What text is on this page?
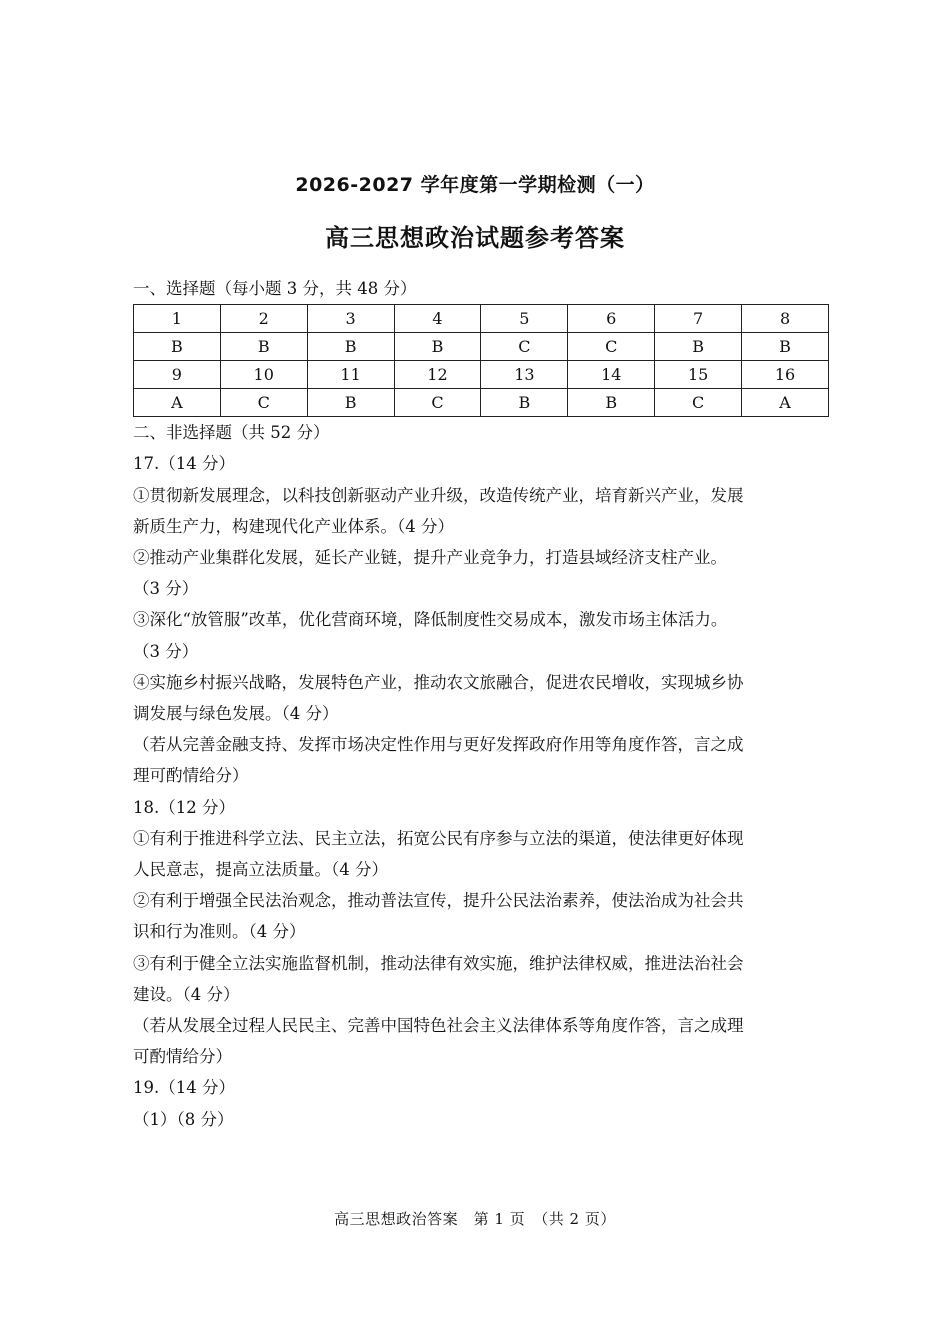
2026-2027 学年度第一学期检测（一）
高三思想政治试题参考答案
一、选择题（每小题 3 分，共 48 分）
1	2	3	4	5	6	7	8
B	B	B	B	C	C	B	B
9	10	11	12	13	14	15	16
A	C	B	C	B	B	C	A
二、非选择题（共 52 分）
17.（14 分）
①贯彻新发展理念，以科技创新驱动产业升级，改造传统产业，培育新兴产业，发展
新质生产力，构建现代化产业体系。（4 分）
②推动产业集群化发展，延长产业链，提升产业竞争力，打造县域经济支柱产业。
（3 分）
③深化“放管服”改革，优化营商环境，降低制度性交易成本，激发市场主体活力。
（3 分）
④实施乡村振兴战略，发展特色产业，推动农文旅融合，促进农民增收，实现城乡协
调发展与绿色发展。（4 分）
（若从完善金融支持、发挥市场决定性作用与更好发挥政府作用等角度作答，言之成
理可酌情给分）
18.（12 分）
①有利于推进科学立法、民主立法，拓宽公民有序参与立法的渠道，使法律更好体现
人民意志，提高立法质量。（4 分）
②有利于增强全民法治观念，推动普法宣传，提升公民法治素养，使法治成为社会共
识和行为准则。（4 分）
③有利于健全立法实施监督机制，推动法律有效实施，维护法律权威，推进法治社会
建设。（4 分）
（若从发展全过程人民民主、完善中国特色社会主义法律体系等角度作答，言之成理
可酌情给分）
19.（14 分）
（1）（8 分）
高三思想政治答案　第 1 页　（共 2 页）
